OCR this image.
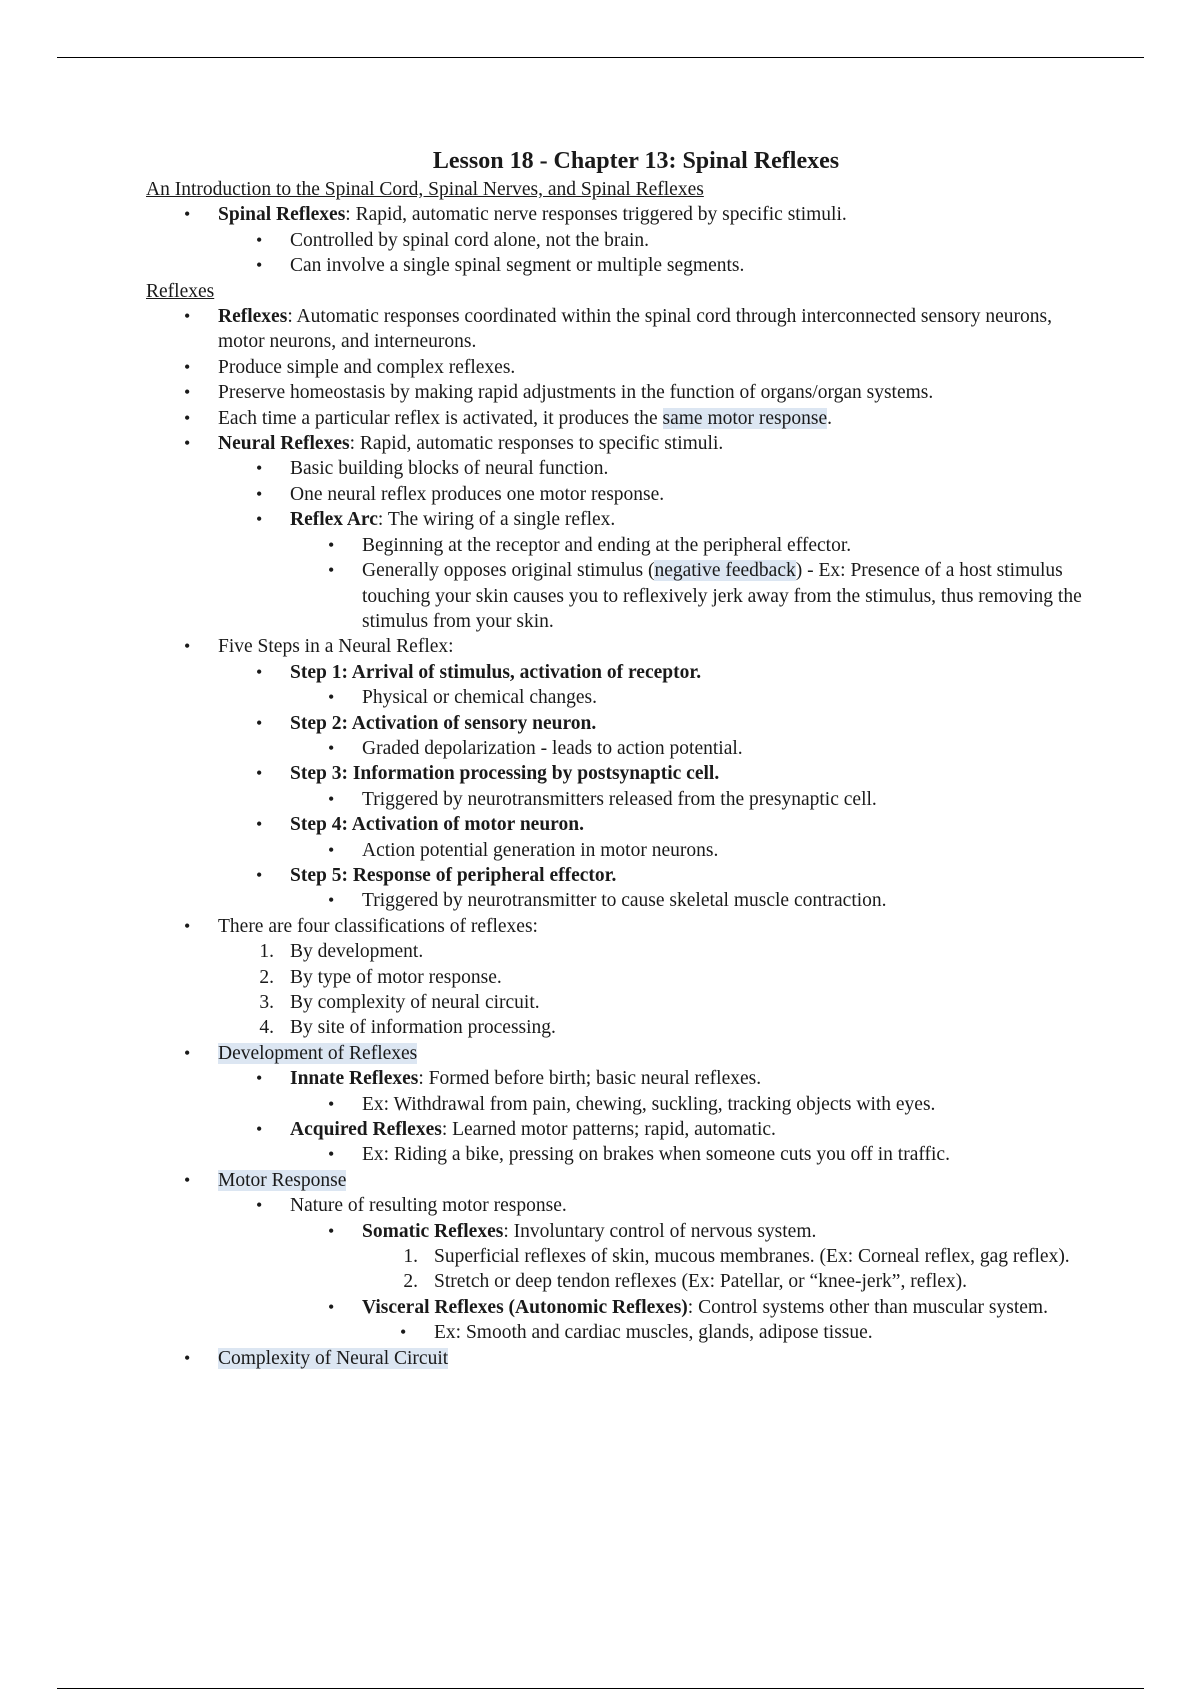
Lesson 18 - Chapter 13: Spinal Reflexes
An Introduction to the Spinal Cord, Spinal Nerves, and Spinal Reflexes
• Spinal Reflexes: Rapid, automatic nerve responses triggered by specific stimuli.
• Controlled by spinal cord alone, not the brain.
• Can involve a single spinal segment or multiple segments.
Reflexes
• Reflexes: Automatic responses coordinated within the spinal cord through interconnected sensory neurons, motor neurons, and interneurons.
• Produce simple and complex reflexes.
• Preserve homeostasis by making rapid adjustments in the function of organs/organ systems.
• Each time a particular reflex is activated, it produces the same motor response.
• Neural Reflexes: Rapid, automatic responses to specific stimuli.
• Basic building blocks of neural function.
• One neural reflex produces one motor response.
• Reflex Arc: The wiring of a single reflex.
• Beginning at the receptor and ending at the peripheral effector.
• Generally opposes original stimulus (negative feedback) - Ex: Presence of a host stimulus touching your skin causes you to reflexively jerk away from the stimulus, thus removing the stimulus from your skin.
• Five Steps in a Neural Reflex:
• Step 1: Arrival of stimulus, activation of receptor.
• Physical or chemical changes.
• Step 2: Activation of sensory neuron.
• Graded depolarization - leads to action potential.
• Step 3: Information processing by postsynaptic cell.
• Triggered by neurotransmitters released from the presynaptic cell.
• Step 4: Activation of motor neuron.
• Action potential generation in motor neurons.
• Step 5: Response of peripheral effector.
• Triggered by neurotransmitter to cause skeletal muscle contraction.
• There are four classifications of reflexes:
By development.
By type of motor response.
By complexity of neural circuit.
By site of information processing.
• Development of Reflexes
• Innate Reflexes: Formed before birth; basic neural reflexes.
• Ex: Withdrawal from pain, chewing, suckling, tracking objects with eyes.
• Acquired Reflexes: Learned motor patterns; rapid, automatic.
• Ex: Riding a bike, pressing on brakes when someone cuts you off in traffic.
• Motor Response
• Nature of resulting motor response.
• Somatic Reflexes: Involuntary control of nervous system.
Superficial reflexes of skin, mucous membranes. (Ex: Corneal reflex, gag reflex).
Stretch or deep tendon reflexes (Ex: Patellar, or “knee-jerk”, reflex).
• Visceral Reflexes (Autonomic Reflexes): Control systems other than muscular system.
• Ex: Smooth and cardiac muscles, glands, adipose tissue.
• Complexity of Neural Circuit
